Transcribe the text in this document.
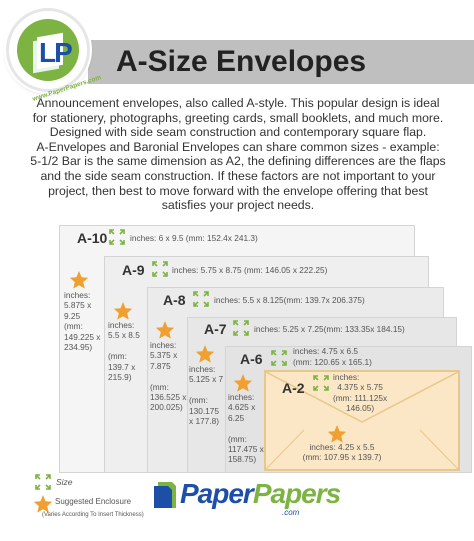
LP
www.PaperPapers.com
A-Size Envelopes
Announcement envelopes, also called A-style. This popular design is ideal
for stationery, photographs, greeting cards, small booklets, and much more.
Designed with side seam construction and contemporary square flap.
A-Envelopes and Baronial Envelopes can share common sizes - example:
5-1/2 Bar is the same dimension as A2, the defining differences are the flaps
and the side seam construction. If these factors are not important to your
project, then best to move forward with the envelope offering that best
satisfies your project needs.
A-10
A-9
A-8
A-7
A-6
A-2
inches: 6 x 9.5 (mm: 152.4x 241.3)
inches: 5.75 x 8.75 (mm: 146.05 x 222.25)
inches: 5.5 x 8.125(mm: 139.7x 206.375)
inches: 5.25 x 7.25(mm: 133.35x 184.15)
inches: 4.75 x 6.5
(mm: 120.65 x 165.1)
inches:
4.375 x 5.75
(mm: 111.125x
146.05)
inches:
5.875 x
9.25
(mm:
149.225 x
234.95)
inches:
5.5 x 8.5

(mm:
139.7 x
215.9)
inches:
5.375 x
7.875

(mm:
136.525 x
200.025)
inches:
5.125 x 7

(mm:
130.175
x 177.8)
inches:
4.625 x
6.25

(mm:
117.475 x
158.75)
inches: 4.25 x 5.5
(mm: 107.95 x 139.7)
Size
Suggested Enclosure
(Varies According To Insert Thickness)
PaperPapers
.com
